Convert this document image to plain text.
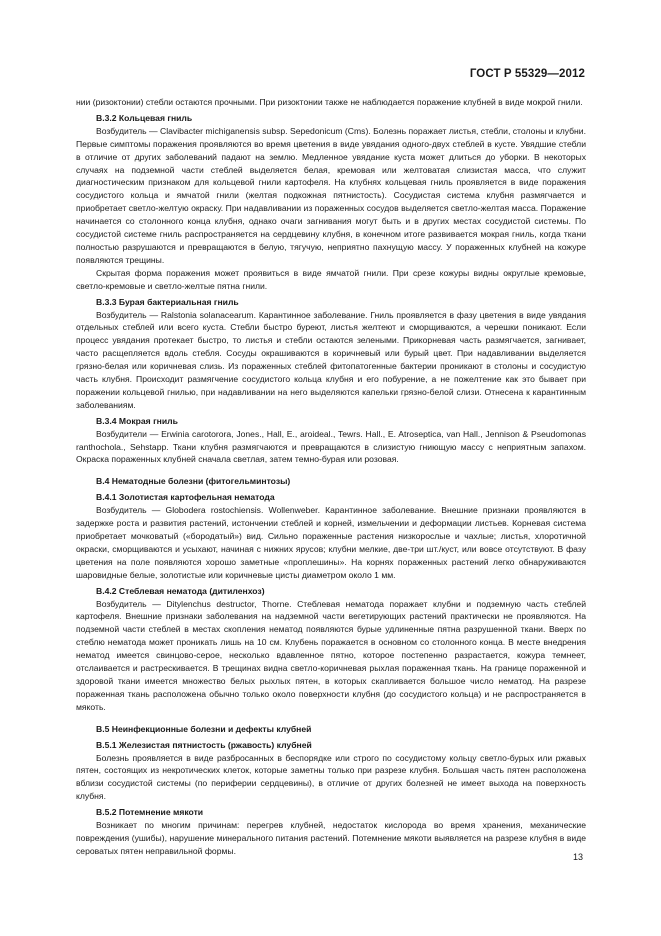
ГОСТ Р 55329—2012

нии (ризоктонии) стебли остаются прочными. При ризоктонии также не наблюдается поражение клубней в виде мокрой гнили.

В.3.2 Кольцевая гниль

Возбудитель — Clavibacter michiganensis subsp. Sepedonicum (Cms). Болезнь поражает листья, стебли, столоны и клубни. Первые симптомы поражения проявляются во время цветения в виде увядания одного-двух стеблей в кусте. Увядшие стебли в отличие от других заболеваний падают на землю. Медленное увядание куста может длиться до уборки. В некоторых случаях на подземной части стеблей выделяется белая, кремовая или желтоватая слизистая масса, что служит диагностическим признаком для кольцевой гнили картофеля. На клубнях кольцевая гниль проявляется в виде поражения сосудистого кольца и ямчатой гнили (желтая подкожная пятнистость). Сосудистая система клубня размягчается и приобретает светло-желтую окраску. При надавливании из пораженных сосудов выделяется светло-желтая масса. Поражение начинается со столонного конца клубня, однако очаги загнивания могут быть и в других местах сосудистой системы. По сосудистой системе гниль распространяется на сердцевину клубня, в конечном итоге развивается мокрая гниль, когда ткани полностью разрушаются и превращаются в белую, тягучую, неприятно пахнущую массу. У пораженных клубней на кожуре появляются трещины.

Скрытая форма поражения может проявиться в виде ямчатой гнили. При срезе кожуры видны округлые кремовые, светло-кремовые и светло-желтые пятна гнили.

В.3.3 Бурая бактериальная гниль

Возбудитель — Ralstonia solanacearum. Карантинное заболевание. Гниль проявляется в фазу цветения в виде увядания отдельных стеблей или всего куста. Стебли быстро буреют, листья желтеют и сморщиваются, а черешки поникают. Если процесс увядания протекает быстро, то листья и стебли остаются зелеными. Прикорневая часть размягчается, загнивает, часто расщепляется вдоль стебля. Сосуды окрашиваются в коричневый или бурый цвет. При надавливании выделяется грязно-белая или коричневая слизь. Из пораженных стеблей фитопатогенные бактерии проникают в столоны и сосудистую часть клубня. Происходит размягчение сосудистого кольца клубня и его побурение, а не пожелтение как это бывает при поражении кольцевой гнилью, при надавливании на него выделяются капельки грязно-белой слизи. Отнесена к карантинным заболеваниям.

В.3.4 Мокрая гниль

Возбудители — Erwinia carotorora, Jones., Hall, E., aroideal., Tewrs. Hall., E. Atroseptica, van Hall., Jennison & Pseudomonas ranthochola., Sehstapp. Ткани клубня размягчаются и превращаются в слизистую гниющую массу с неприятным запахом. Окраска пораженных клубней сначала светлая, затем темно-бурая или розовая.

В.4 Нематодные болезни (фитогельминтозы)

В.4.1 Золотистая картофельная нематода

Возбудитель — Globodera rostochiensis. Wollenweber. Карантинное заболевание. Внешние признаки проявляются в задержке роста и развития растений, истончении стеблей и корней, измельчении и деформации листьев. Корневая система приобретает мочковатый («бородатый») вид. Сильно пораженные растения низкорослые и чахлые; листья, хлоротичной окраски, сморщиваются и усыхают, начиная с нижних ярусов; клубни мелкие, две-три шт./куст, или вовсе отсутствуют. В фазу цветения на поле появляются хорошо заметные «проплешины». На корнях пораженных растений легко обнаруживаются шаровидные белые, золотистые или коричневые цисты диаметром около 1 мм.

В.4.2 Стеблевая нематода (дитиленхоз)

Возбудитель — Ditylenchus destructor, Thorne. Стеблевая нематода поражает клубни и подземную часть стеблей картофеля. Внешние признаки заболевания на надземной части вегетирующих растений практически не проявляются. На подземной части стеблей в местах скопления нематод появляются бурые удлиненные пятна разрушенной ткани. Вверх по стеблю нематода может проникать лишь на 10 см. Клубень поражается в основном со столонного конца. В месте внедрения нематод имеется свинцово-серое, несколько вдавленное пятно, которое постепенно разрастается, кожура темнеет, отслаивается и растрескивается. В трещинах видна светло-коричневая рыхлая пораженная ткань. На границе пораженной и здоровой ткани имеется множество белых рыхлых пятен, в которых скапливается большое число нематод. На разрезе пораженная ткань расположена обычно только около поверхности клубня (до сосудистого кольца) и не распространяется в мякоть.

В.5 Неинфекционные болезни и дефекты клубней

В.5.1 Железистая пятнистость (ржавость) клубней

Болезнь проявляется в виде разбросанных в беспорядке или строго по сосудистому кольцу светло-бурых или ржавых пятен, состоящих из некротических клеток, которые заметны только при разрезе клубня. Большая часть пятен расположена вблизи сосудистой системы (по периферии сердцевины), в отличие от других болезней не имеет выхода на поверхность клубня.

В.5.2 Потемнение мякоти

Возникает по многим причинам: перегрев клубней, недостаток кислорода во время хранения, механические повреждения (ушибы), нарушение минерального питания растений. Потемнение мякоти выявляется на разрезе клубня в виде сероватых пятен неправильной формы.

13
